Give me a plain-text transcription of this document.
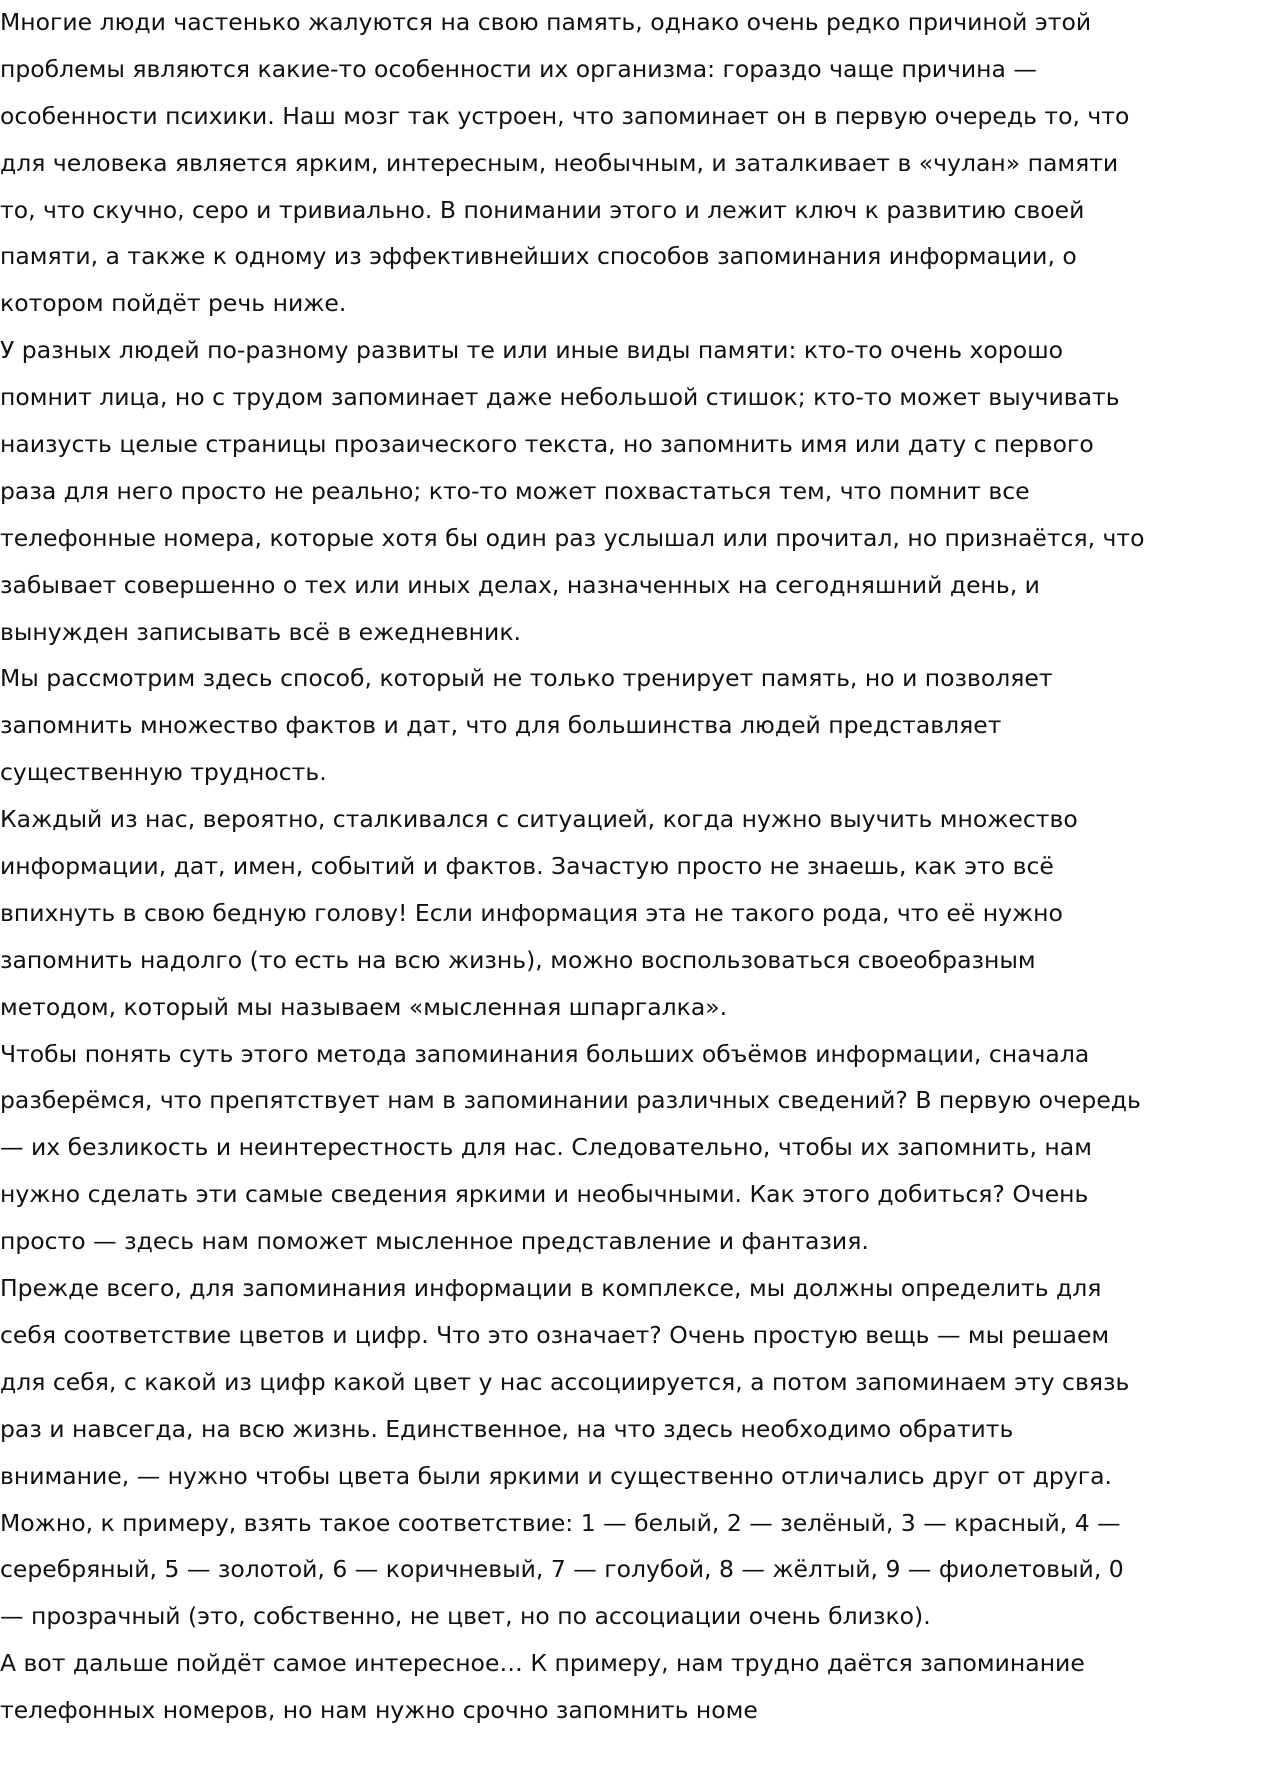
Многие люди частенько жалуются на свою память, однако очень редко причиной этой
проблемы являются какие-то особенности их организма: гораздо чаще причина —
особенности психики. Наш мозг так устроен, что запоминает он в первую очередь то, что
для человека является ярким, интересным, необычным, и заталкивает в «чулан» памяти
то, что скучно, серо и тривиально. В понимании этого и лежит ключ к развитию своей
памяти, а также к одному из эффективнейших способов запоминания информации, о
котором пойдёт речь ниже.

У разных людей по-разному развиты те или иные виды памяти: кто-то очень хорошо
помнит лица, но с трудом запоминает даже небольшой стишок; кто-то может выучивать
наизусть целые страницы прозаического текста, но запомнить имя или дату с первого
раза для него просто не реально; кто-то может похвастаться тем, что помнит все
телефонные номера, которые хотя бы один раз услышал или прочитал, но признаётся, что
забывает совершенно о тех или иных делах, назначенных на сегодняшний день, и
вынужден записывать всё в ежедневник.

Мы рассмотрим здесь способ, который не только тренирует память, но и позволяет
запомнить множество фактов и дат, что для большинства людей представляет
существенную трудность.

Каждый из нас, вероятно, сталкивался с ситуацией, когда нужно выучить множество
информации, дат, имен, событий и фактов. Зачастую просто не знаешь, как это всё
впихнуть в свою бедную голову! Если информация эта не такого рода, что её нужно
запомнить надолго (то есть на всю жизнь), можно воспользоваться своеобразным
методом, который мы называем «мысленная шпаргалка».

Чтобы понять суть этого метода запоминания больших объёмов информации, сначала
разберёмся, что препятствует нам в запоминании различных сведений? В первую очередь
— их безликость и неинтерестность для нас. Следовательно, чтобы их запомнить, нам
нужно сделать эти самые сведения яркими и необычными. Как этого добиться? Очень
просто — здесь нам поможет мысленное представление и фантазия.

Прежде всего, для запоминания информации в комплексе, мы должны определить для
себя соответствие цветов и цифр. Что это означает? Очень простую вещь — мы решаем
для себя, с какой из цифр какой цвет у нас ассоциируется, а потом запоминаем эту связь
раз и навсегда, на всю жизнь. Единственное, на что здесь необходимо обратить
внимание, — нужно чтобы цвета были яркими и существенно отличались друг от друга.
Можно, к примеру, взять такое соответствие: 1 — белый, 2 — зелёный, 3 — красный, 4 —
серебряный, 5 — золотой, 6 — коричневый, 7 — голубой, 8 — жёлтый, 9 — фиолетовый, 0
— прозрачный (это, собственно, не цвет, но по ассоциации очень близко).

А вот дальше пойдёт самое интересное… К примеру, нам трудно даётся запоминание
телефонных номеров, но нам нужно срочно запомнить номе
